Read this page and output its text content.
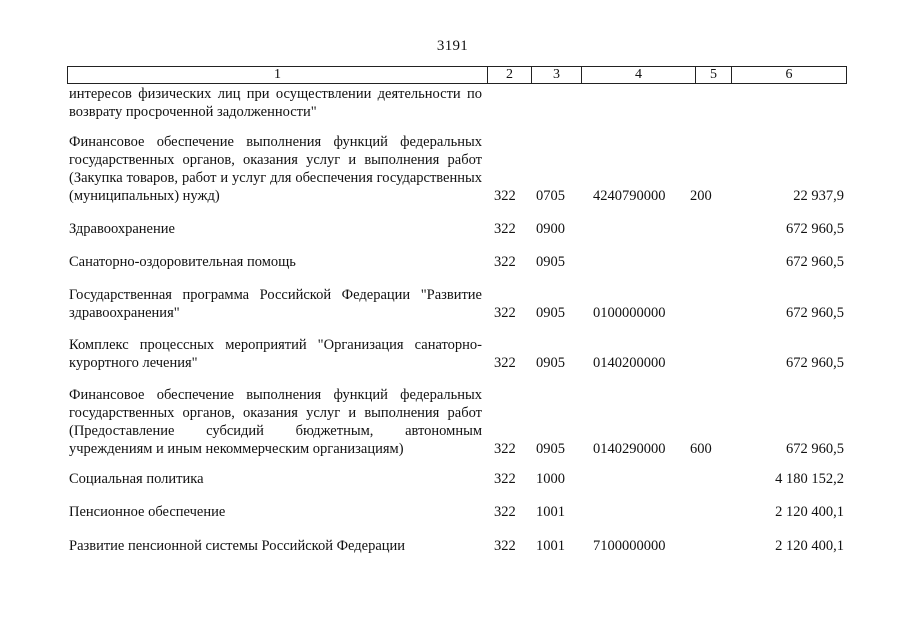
3191
1	2	3	4	5	6
интересов физических лиц при осуществлении деятельности по возврату просроченной задолженности"
Финансовое обеспечение выполнения функций федеральных государственных органов, оказания услуг и выполнения работ (Закупка товаров, работ и услуг для обеспечения государственных (муниципальных) нужд)	322 0705 4240790000 200	22 937,9
Здравоохранение	322 0900	672 960,5
Санаторно-оздоровительная помощь	322 0905	672 960,5
Государственная программа Российской Федерации "Развитие здравоохранения"	322 0905 0100000000	672 960,5
Комплекс процессных мероприятий "Организация санаторно-курортного лечения"	322 0905 0140200000	672 960,5
Финансовое обеспечение выполнения функций федеральных государственных органов, оказания услуг и выполнения работ (Предоставление субсидий бюджетным, автономным учреждениям и иным некоммерческим организациям)	322 0905 0140290000 600	672 960,5
Социальная политика	322 1000	4 180 152,2
Пенсионное обеспечение	322 1001	2 120 400,1
Развитие пенсионной системы Российской Федерации	322 1001 7100000000	2 120 400,1
